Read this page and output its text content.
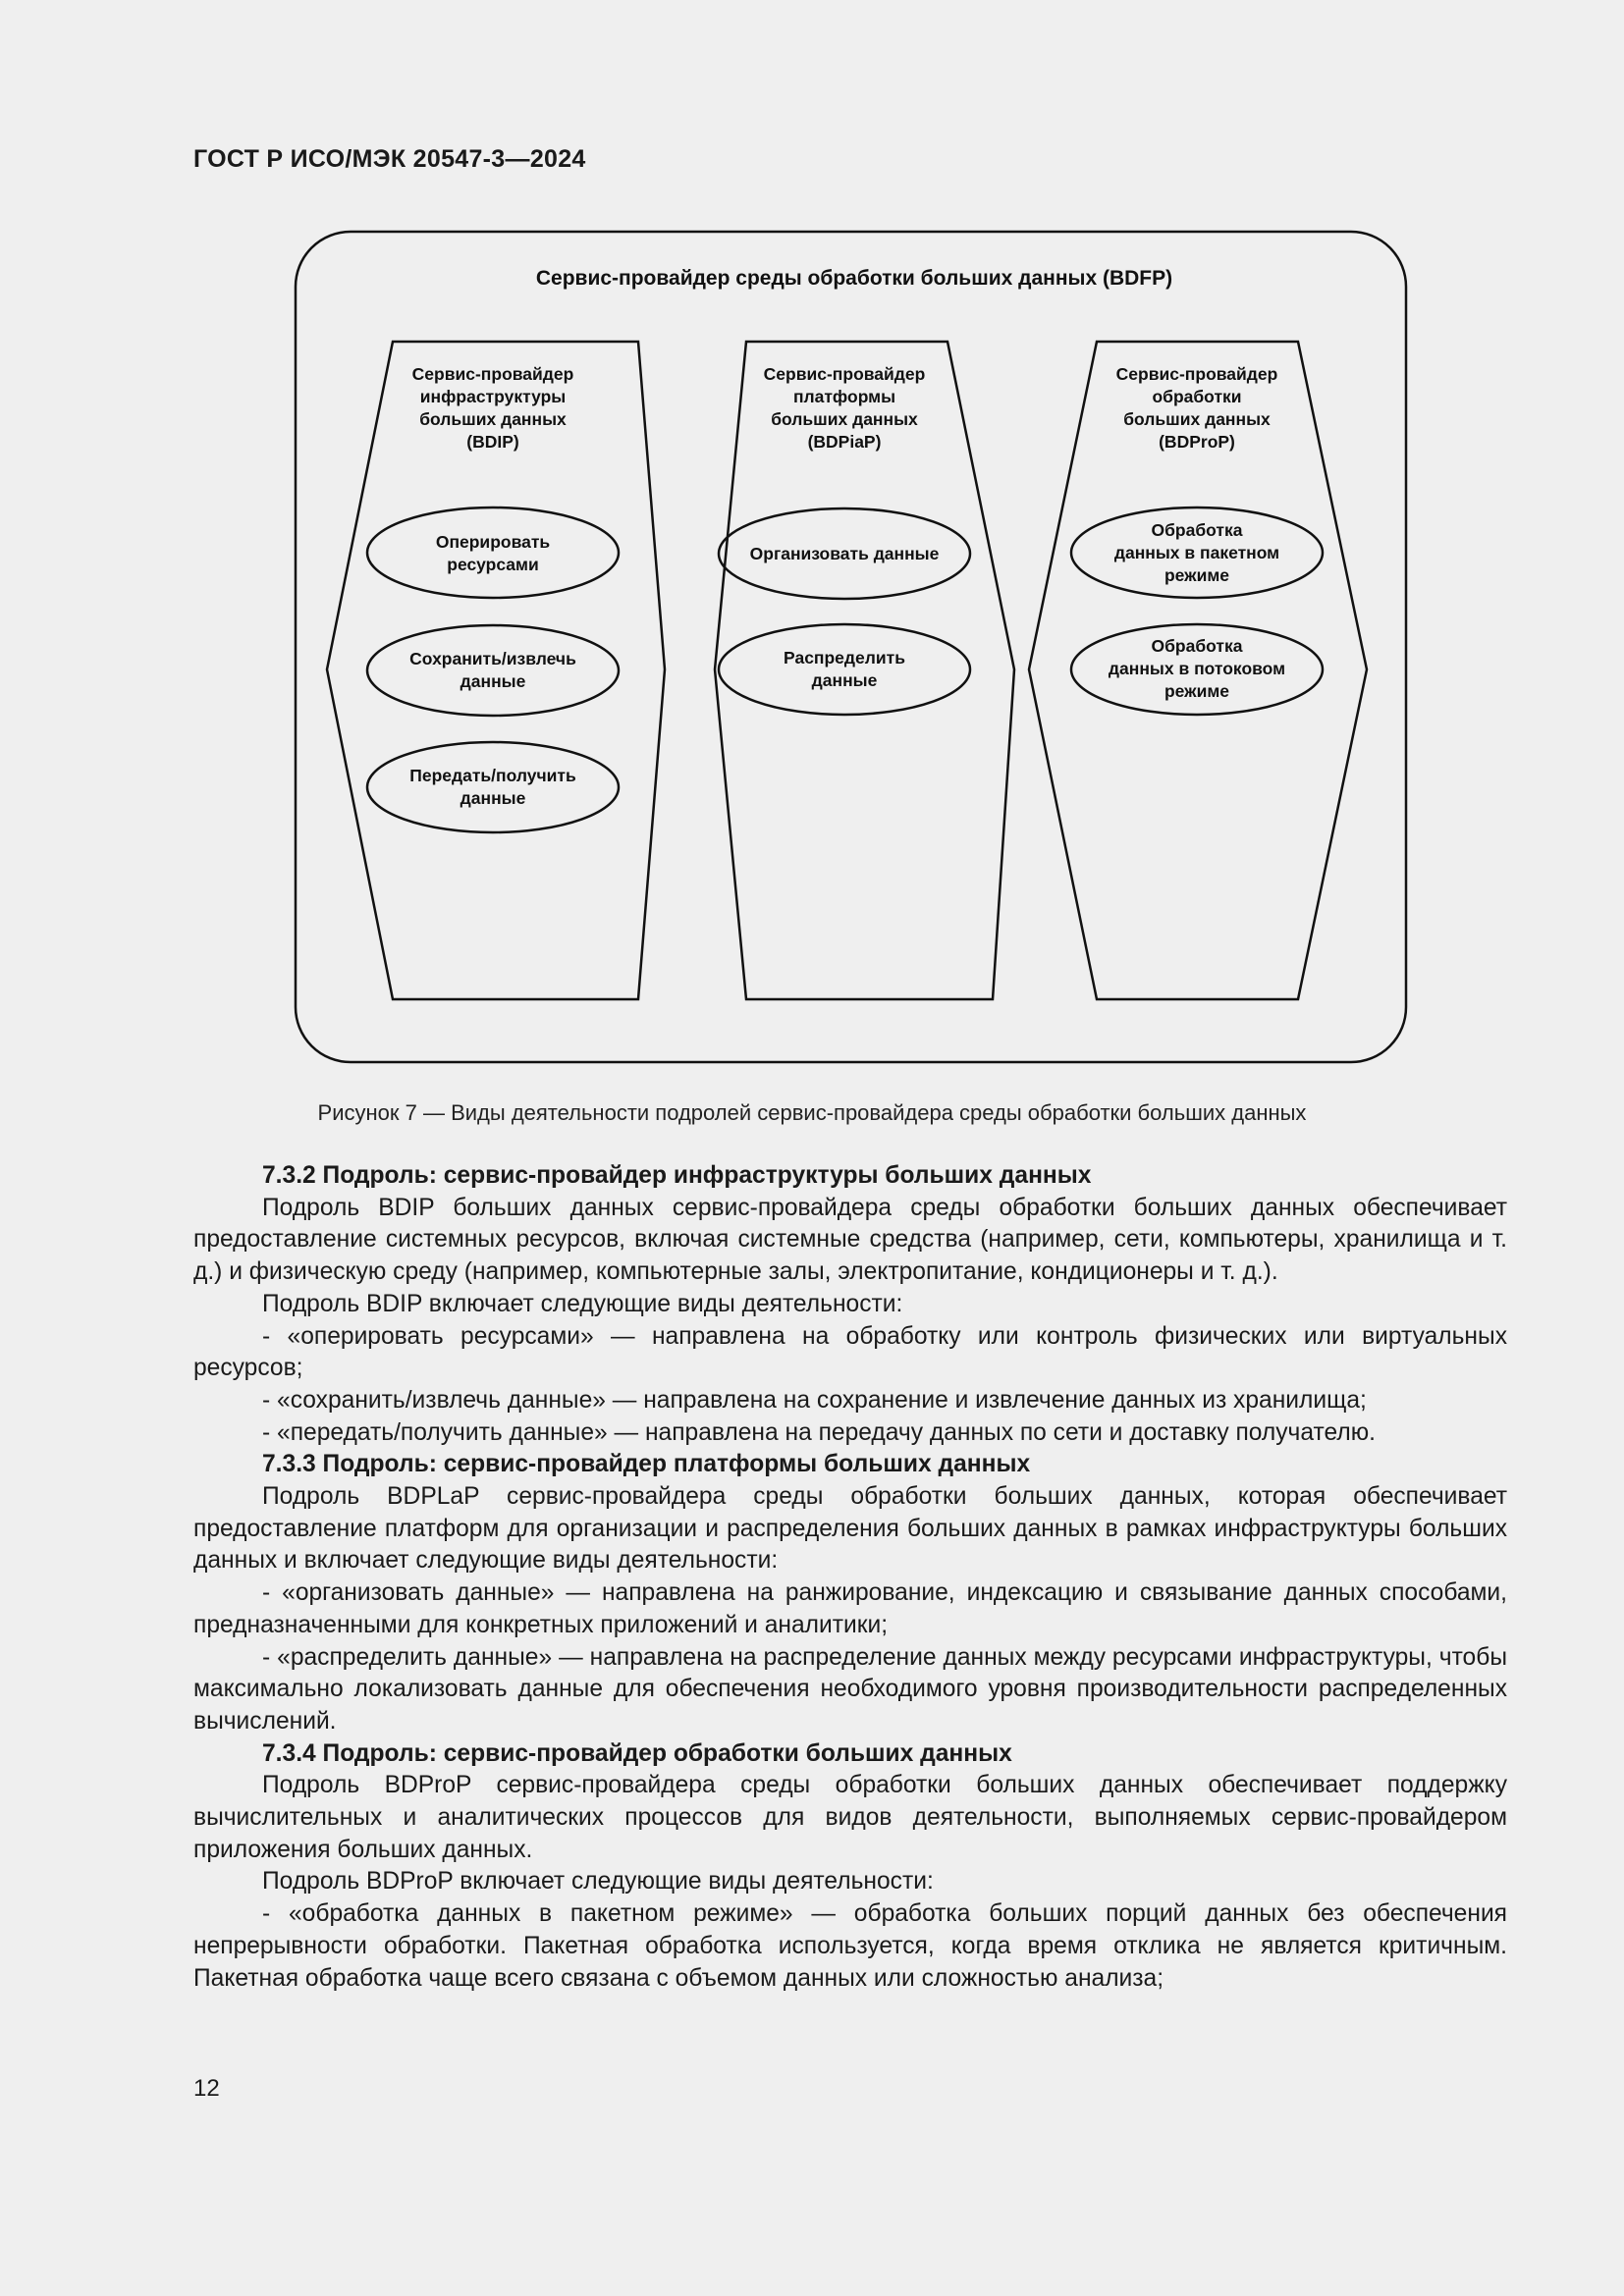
ГОСТ Р ИСО/МЭК 20547-3—2024
Сервис-провайдер среды обработки больших данных (BDFP)
Сервис-провайдер инфраструктуры больших данных (BDIP)
Оперировать ресурсами
Сохранить/извлечь данные
Передать/получить данные
Сервис-провайдер платформы больших данных (BDPiaP)
Организовать данные
Распределить данные
Сервис-провайдер обработки больших данных (BDProP)
Обработка данных в пакетном режиме
Обработка данных в потоковом режиме
Рисунок 7 — Виды деятельности подролей сервис-провайдера среды обработки больших данных
7.3.2 Подроль: сервис-провайдер инфраструктуры больших данных

Подроль BDIP больших данных сервис-провайдера среды обработки больших данных обеспечивает предоставление системных ресурсов, включая системные средства (например, сети, компьютеры, хранилища и т. д.) и физическую среду (например, компьютерные залы, электропитание, кондиционеры и т. д.).

Подроль BDIP включает следующие виды деятельности:

- «оперировать ресурсами» — направлена на обработку или контроль физических или виртуальных ресурсов;

- «сохранить/извлечь данные» — направлена на сохранение и извлечение данных из хранилища;

- «передать/получить данные» — направлена на передачу данных по сети и доставку получателю.

7.3.3 Подроль: сервис-провайдер платформы больших данных

Подроль BDPLaP сервис-провайдера среды обработки больших данных, которая обеспечивает предоставление платформ для организации и распределения больших данных в рамках инфраструктуры больших данных и включает следующие виды деятельности:

- «организовать данные» — направлена на ранжирование, индексацию и связывание данных способами, предназначенными для конкретных приложений и аналитики;

- «распределить данные» — направлена на распределение данных между ресурсами инфраструктуры, чтобы максимально локализовать данные для обеспечения необходимого уровня производительности распределенных вычислений.

7.3.4 Подроль: сервис-провайдер обработки больших данных

Подроль BDProP сервис-провайдера среды обработки больших данных обеспечивает поддержку вычислительных и аналитических процессов для видов деятельности, выполняемых сервис-провайдером приложения больших данных.

Подроль BDProP включает следующие виды деятельности:

- «обработка данных в пакетном режиме» — обработка больших порций данных без обеспечения непрерывности обработки. Пакетная обработка используется, когда время отклика не является критичным. Пакетная обработка чаще всего связана с объемом данных или сложностью анализа;

12
